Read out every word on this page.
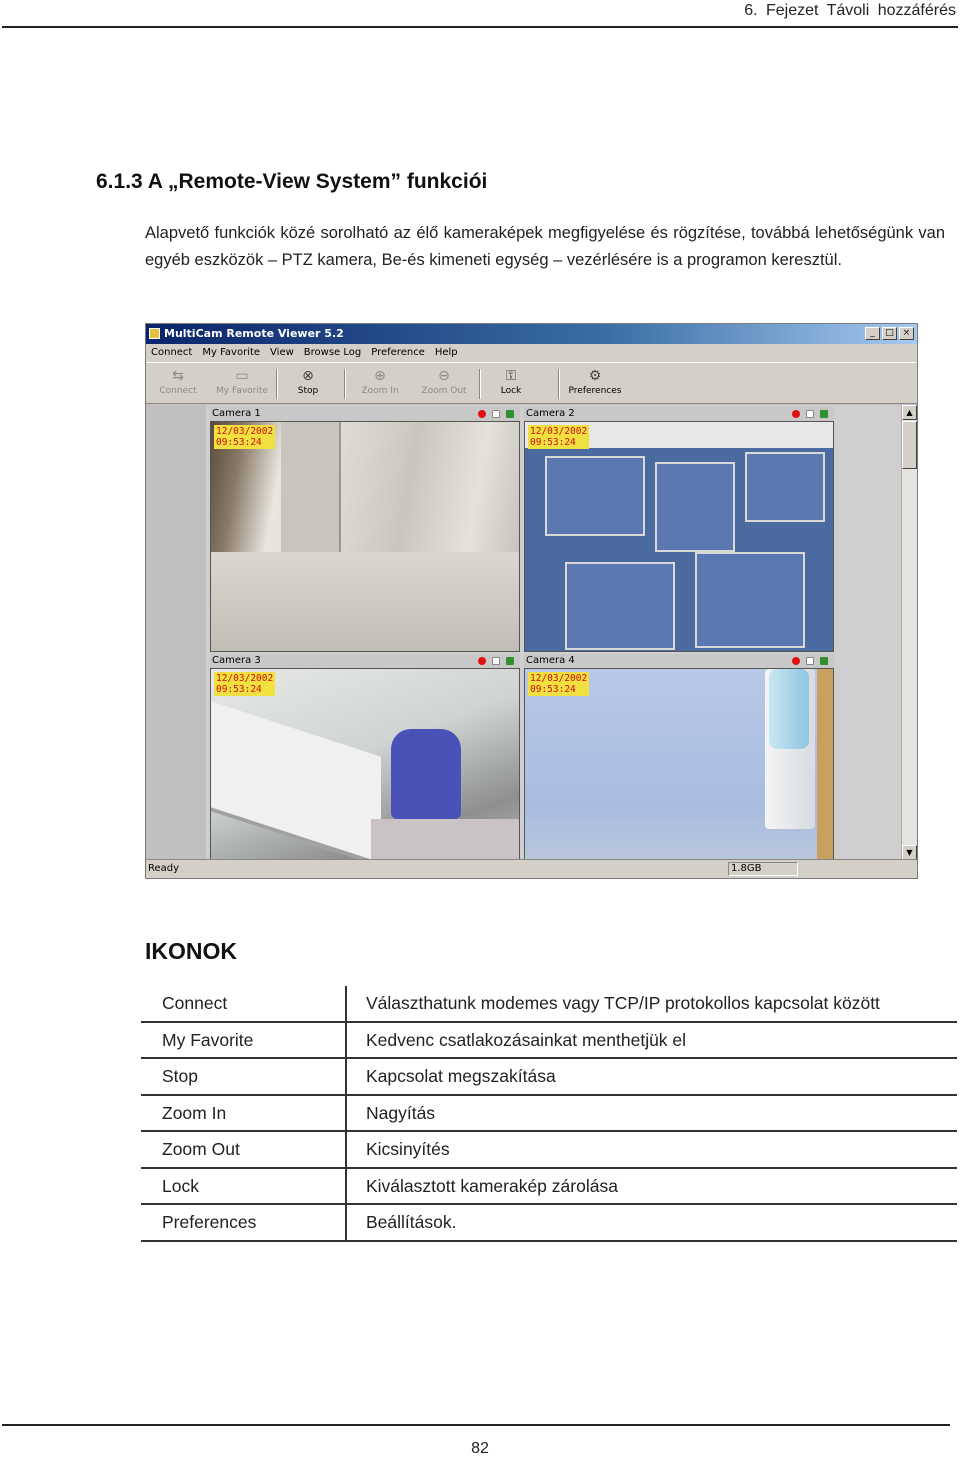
6. Fejezet Távoli hozzáférés
6.1.3 A „Remote-View System” funkciói

Alapvető funkciók közé sorolható az élő kameraképek megfigyelése és rögzítése, továbbá lehetőségünk van egyéb eszközök – PTZ kamera, Be-és kimeneti egység – vezérlésére is a programon keresztül.

MultiCam Remote Viewer 5.2	_	□ ×
Connect My Favorite View Browse Log Preference Help
⇆
Connect
▭
My Favorite
⊗
Stop
⊕
Zoom In
⊖
Zoom Out
⚿
Lock
⚙
Preferences
Camera 1
12/03/2002
09:53:24
Camera 2
12/03/2002
09:53:24
Camera 3
12/03/2002
09:53:24
Camera 4
12/03/2002
09:53:24
▲
▼
Ready	1.8GB
IKONOK
Connect	Választhatunk modemes vagy TCP/IP protokollos kapcsolat között
My Favorite	Kedvenc csatlakozásainkat menthetjük el
Stop	Kapcsolat megszakítása
Zoom In	Nagyítás
Zoom Out	Kicsinyítés
Lock	Kiválasztott kamerakép zárolása
Preferences	Beállítások.
82
